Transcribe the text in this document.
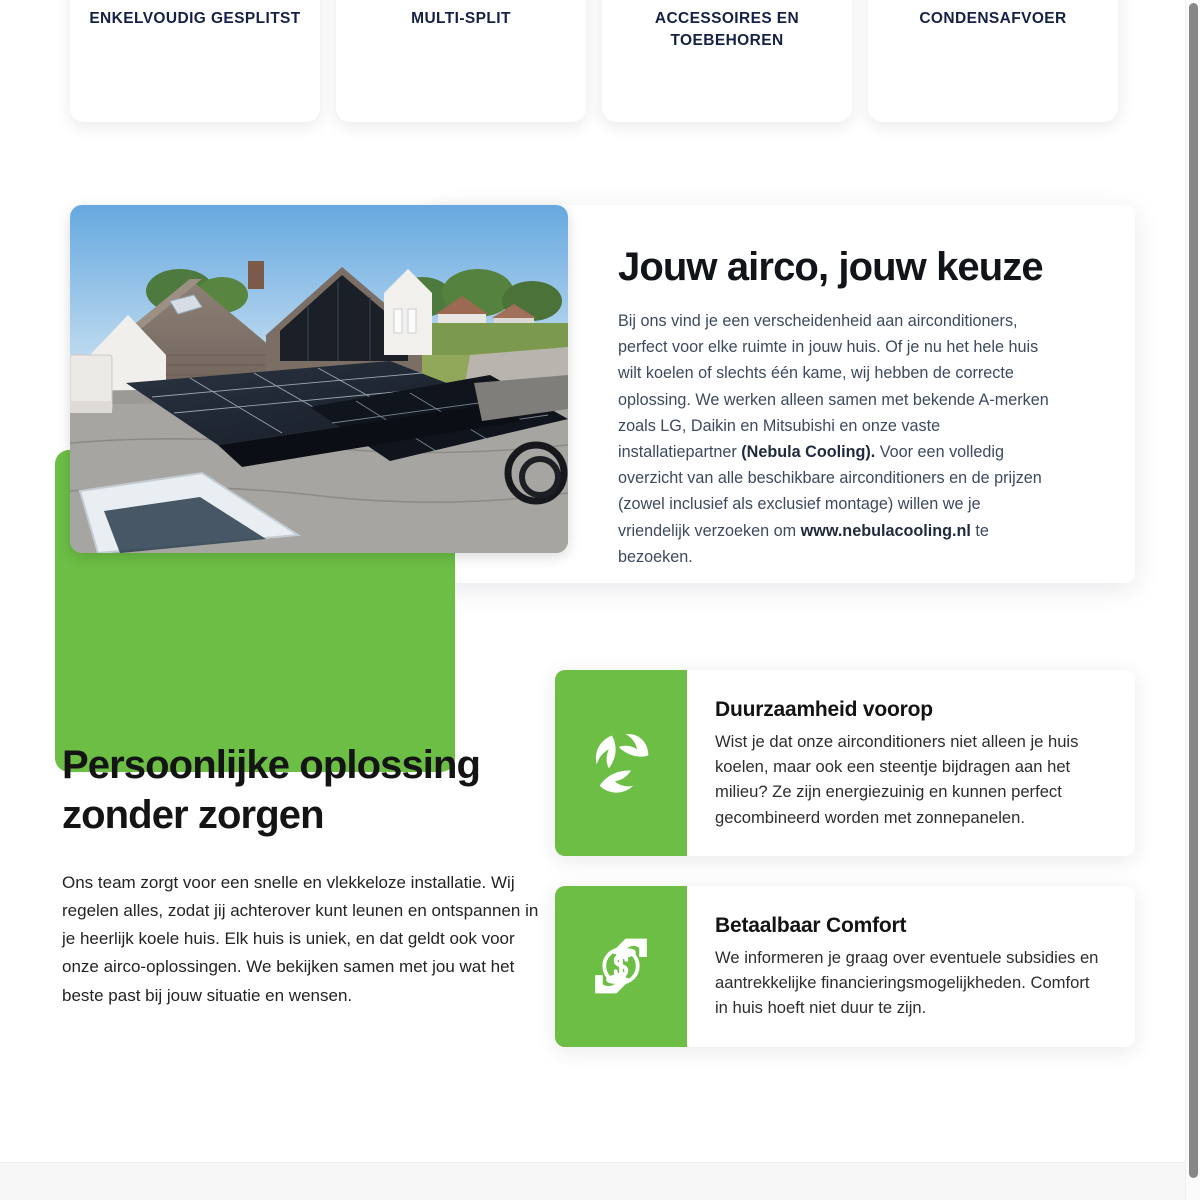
ENKELVOUDIG GESPLITST	MULTI-SPLIT	ACCESSOIRES EN TOEBEHOREN
CONDENSAFVOER
Jouw airco, jouw keuze

Bij ons vind je een verscheidenheid aan airconditioners, perfect voor elke ruimte in jouw huis. Of je nu het hele huis wilt koelen of slechts één kame, wij hebben de correcte oplossing. We werken alleen samen met bekende A-merken zoals LG, Daikin en Mitsubishi en onze vaste installatiepartner (Nebula Cooling). Voor een volledig overzicht van alle beschikbare airconditioners en de prijzen (zowel inclusief als exclusief montage) willen we je vriendelijk verzoeken om www.nebulacooling.nl te bezoeken.

Persoonlijke oplossing
zonder zorgen

Ons team zorgt voor een snelle en vlekkeloze installatie. Wij regelen alles, zodat jij achterover kunt leunen en ontspannen in je heerlijk koele huis. Elk huis is uniek, en dat geldt ook voor onze airco-oplossingen. We bekijken samen met jou wat het beste past bij jouw situatie en wensen.

Duurzaamheid voorop
Wist je dat onze airconditioners niet alleen je huis koelen, maar ook een steentje bijdragen aan het milieu? Ze zijn energiezuinig en kunnen perfect gecombineerd worden met zonnepanelen.
Betaalbaar Comfort
We informeren je graag over eventuele subsidies en aantrekkelijke financieringsmogelijkheden. Comfort in huis hoeft niet duur te zijn.
